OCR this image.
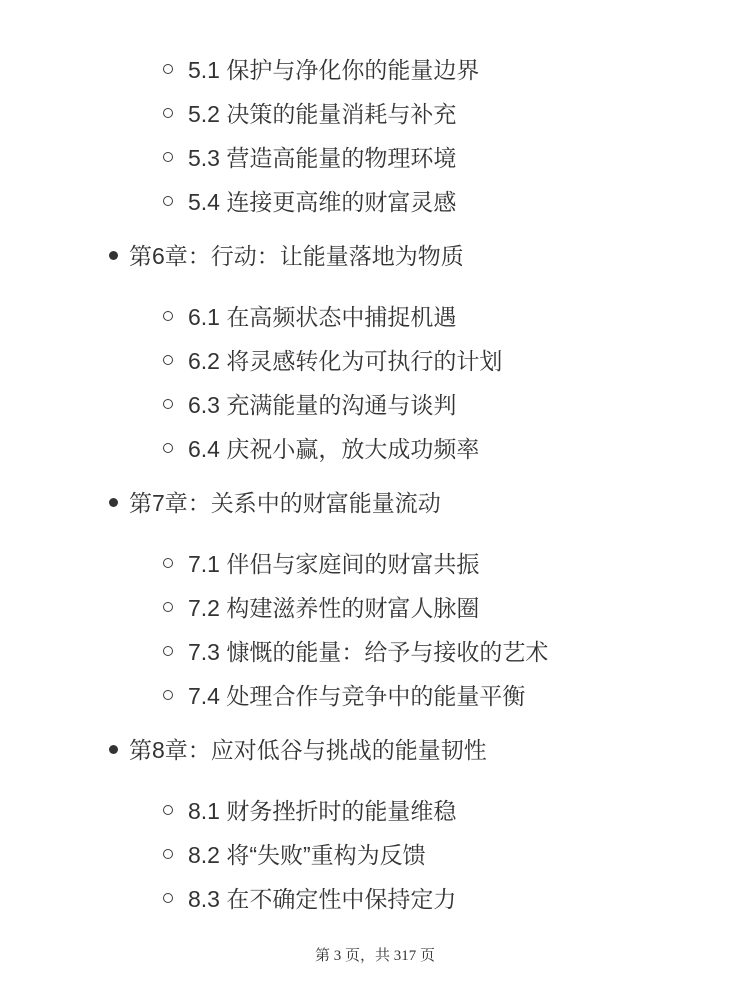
5.1 保护与净化你的能量边界
5.2 决策的能量消耗与补充
5.3 营造高能量的物理环境
5.4 连接更高维的财富灵感
第6章：行动：让能量落地为物质
6.1 在高频状态中捕捉机遇
6.2 将灵感转化为可执行的计划
6.3 充满能量的沟通与谈判
6.4 庆祝小赢，放大成功频率
第7章：关系中的财富能量流动
7.1 伴侣与家庭间的财富共振
7.2 构建滋养性的财富人脉圈
7.3 慷慨的能量：给予与接收的艺术
7.4 处理合作与竞争中的能量平衡
第8章：应对低谷与挑战的能量韧性
8.1 财务挫折时的能量维稳
8.2 将“失败”重构为反馈
8.3 在不确定性中保持定力
第 3 页，共 317 页
